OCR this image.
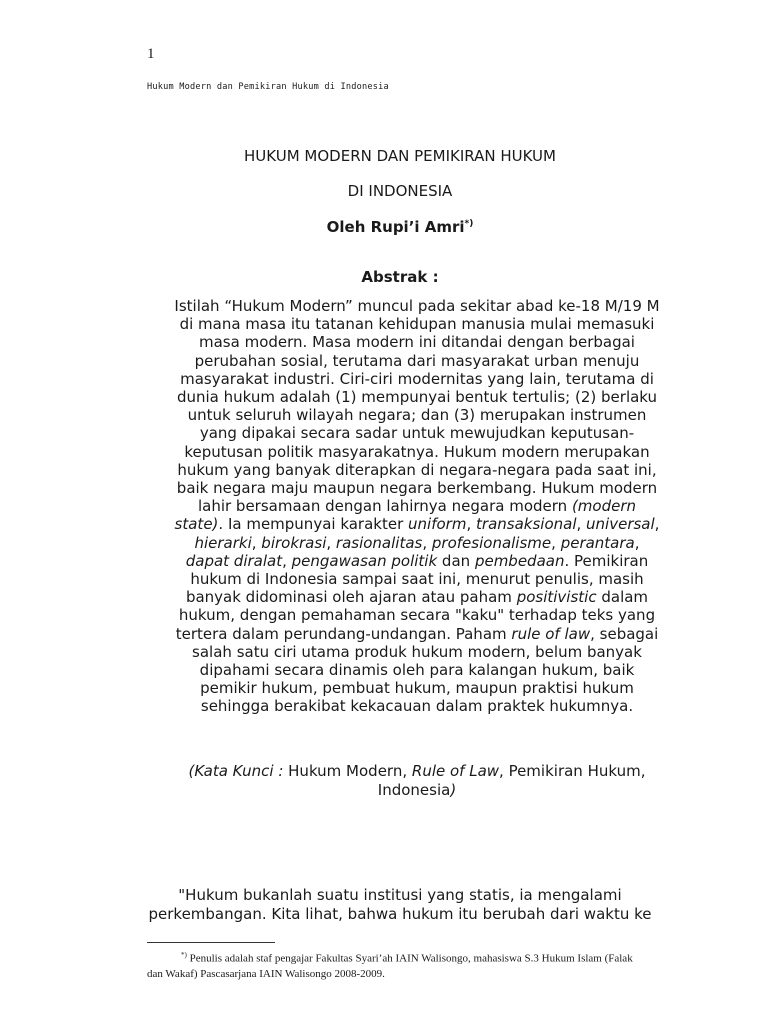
1
Hukum Modern dan Pemikiran Hukum di Indonesia
HUKUM MODERN DAN PEMIKIRAN HUKUM
DI INDONESIA
Oleh Rupi’i Amri*)
Abstrak :
Istilah “Hukum Modern” muncul pada sekitar abad ke-18 M/19 M di mana masa itu tatanan kehidupan manusia mulai memasuki masa modern. Masa modern ini ditandai dengan berbagai perubahan sosial, terutama dari masyarakat urban menuju masyarakat industri. Ciri-ciri modernitas yang lain, terutama di dunia hukum adalah (1) mempunyai bentuk tertulis; (2) berlaku untuk seluruh wilayah negara; dan (3) merupakan instrumen yang dipakai secara sadar untuk mewujudkan keputusan-keputusan politik masyarakatnya. Hukum modern merupakan hukum yang banyak diterapkan di negara-negara pada saat ini, baik negara maju maupun negara berkembang. Hukum modern lahir bersamaan dengan lahirnya negara modern (modern state). Ia mempunyai karakter uniform, transaksional, universal, hierarki, birokrasi, rasionalitas, profesionalisme, perantara, dapat diralat, pengawasan politik dan pembedaan. Pemikiran hukum di Indonesia sampai saat ini, menurut penulis, masih banyak didominasi oleh ajaran atau paham positivistic dalam hukum, dengan pemahaman secara "kaku" terhadap teks yang tertera dalam perundang-undangan. Paham rule of law, sebagai salah satu ciri utama produk hukum modern, belum banyak dipahami secara dinamis oleh para kalangan hukum, baik pemikir hukum, pembuat hukum, maupun praktisi hukum sehingga berakibat kekacauan dalam praktek hukumnya.
(Kata Kunci : Hukum Modern, Rule of Law, Pemikiran Hukum, Indonesia)
"Hukum bukanlah suatu institusi yang statis, ia mengalami perkembangan. Kita lihat, bahwa hukum itu berubah dari waktu ke
*) Penulis adalah staf pengajar Fakultas Syari’ah IAIN Walisongo, mahasiswa S.3 Hukum Islam (Falak dan Wakaf) Pascasarjana IAIN Walisongo 2008-2009.
